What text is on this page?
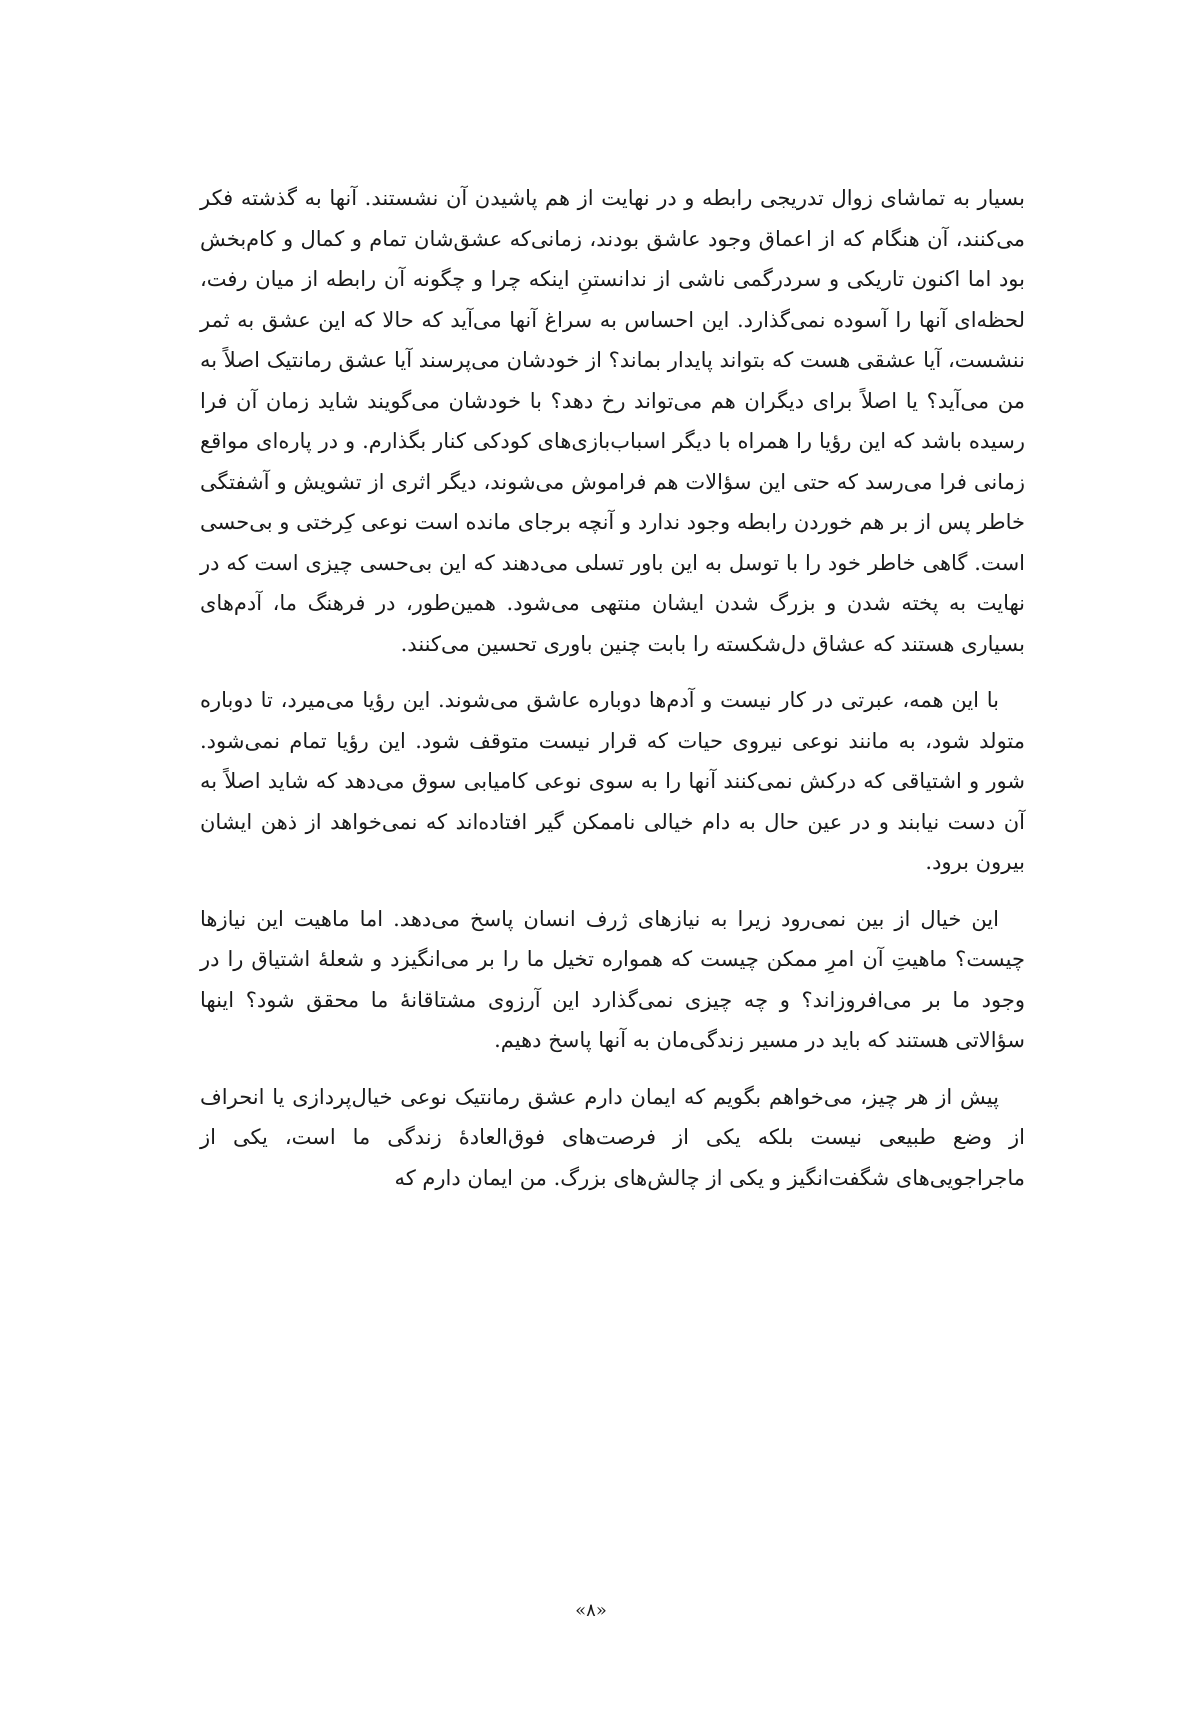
بسیار به تماشای زوال تدریجی رابطه و در نهایت از هم پاشیدن آن نشستند. آنها به گذشته فکر می‌کنند، آن هنگام که از اعماق وجود عاشق بودند، زمانی‌که عشق‌شان تمام و کمال و کام‌بخش بود اما اکنون تاریکی و سردرگمی ناشی از ندانستنِ اینکه چرا و چگونه آن رابطه از میان رفت، لحظه‌ای آنها را آسوده نمی‌گذارد. این احساس به سراغ آنها می‌آید که حالا که این عشق به ثمر ننشست، آیا عشقی هست که بتواند پایدار بماند؟ از خودشان می‌پرسند آیا عشق رمانتیک اصلاً به من می‌آید؟ یا اصلاً برای دیگران هم می‌تواند رخ دهد؟ با خودشان می‌گویند شاید زمان آن فرا رسیده باشد که این رؤیا را همراه با دیگر اسباب‌بازی‌های کودکی کنار بگذارم. و در پاره‌ای مواقع زمانی فرا می‌رسد که حتی این سؤالات هم فراموش می‌شوند، دیگر اثری از تشویش و آشفتگی خاطر پس از بر هم خوردن رابطه وجود ندارد و آنچه برجای مانده است نوعی کِرختی و بی‌حسی است. گاهی خاطر خود را با توسل به این باور تسلی می‌دهند که این بی‌حسی چیزی است که در نهایت به پخته شدن و بزرگ شدن ایشان منتهی می‌شود. همین‌طور، در فرهنگ ما، آدم‌های بسیاری هستند که عشاق دل‌شکسته را بابت چنین باوری تحسین می‌کنند.

با این همه، عبرتی در کار نیست و آدم‌ها دوباره عاشق می‌شوند. این رؤیا می‌میرد، تا دوباره متولد شود، به مانند نوعی نیروی حیات که قرار نیست متوقف شود. این رؤیا تمام نمی‌شود. شور و اشتیاقی که درکش نمی‌کنند آنها را به سوی نوعی کامیابی سوق می‌دهد که شاید اصلاً به آن دست نیابند و در عین حال به دام خیالی ناممکن گیر افتاده‌اند که نمی‌خواهد از ذهن ایشان بیرون برود.

این خیال از بین نمی‌رود زیرا به نیازهای ژرف انسان پاسخ می‌دهد. اما ماهیت این نیازها چیست؟ ماهیتِ آن امرِ ممکن چیست که همواره تخیل ما را بر می‌انگیزد و شعلهٔ اشتیاق را در وجود ما بر می‌افروزاند؟ و چه چیزی نمی‌گذارد این آرزوی مشتاقانهٔ ما محقق شود؟ اینها سؤالاتی هستند که باید در مسیر زندگی‌مان به آنها پاسخ دهیم.

پیش از هر چیز، می‌خواهم بگویم که ایمان دارم عشق رمانتیک نوعی خیال‌پردازی یا انحراف از وضع طبیعی نیست بلکه یکی از فرصت‌های فوق‌العادهٔ زندگی ما است، یکی از ماجراجویی‌های شگفت‌انگیز و یکی از چالش‌های بزرگ. من ایمان دارم که

«۸»
